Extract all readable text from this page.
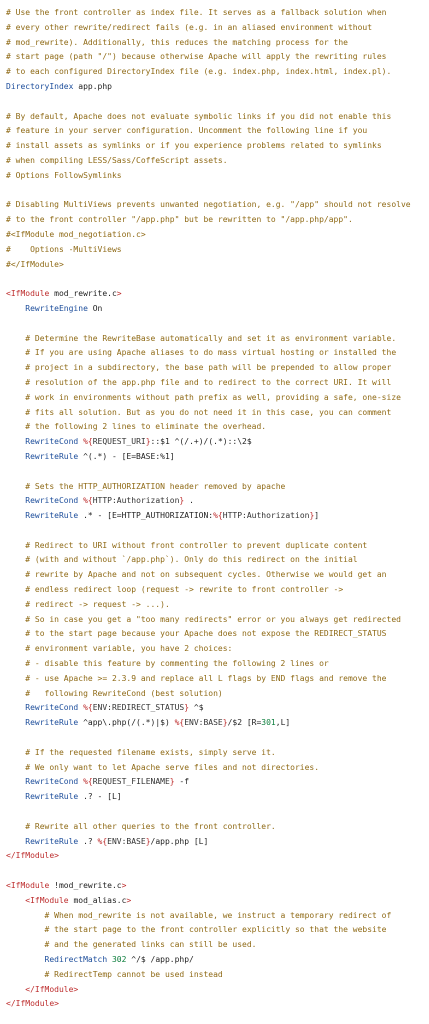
# Use the front controller as index file. It serves as a fallback solution when
# every other rewrite/redirect fails (e.g. in an aliased environment without
# mod_rewrite). Additionally, this reduces the matching process for the
# start page (path "/") because otherwise Apache will apply the rewriting rules
# to each configured DirectoryIndex file (e.g. index.php, index.html, index.pl).
DirectoryIndex app.php
# By default, Apache does not evaluate symbolic links if you did not enable this
# feature in your server configuration. Uncomment the following line if you
# install assets as symlinks or if you experience problems related to symlinks
# when compiling LESS/Sass/CoffeScript assets.
# Options FollowSymlinks
# Disabling MultiViews prevents unwanted negotiation, e.g. "/app" should not resolve
# to the front controller "/app.php" but be rewritten to "/app.php/app".
#<IfModule mod_negotiation.c>
#    Options -MultiViews
#</IfModule>
<IfModule mod_rewrite.c>
RewriteEngine On
# Determine the RewriteBase automatically and set it as environment variable.
# If you are using Apache aliases to do mass virtual hosting or installed the
# project in a subdirectory, the base path will be prepended to allow proper
# resolution of the app.php file and to redirect to the correct URI. It will
# work in environments without path prefix as well, providing a safe, one-size
# fits all solution. But as you do not need it in this case, you can comment
# the following 2 lines to eliminate the overhead.
RewriteCond %{REQUEST_URI}::$1 ^(/.+)/(.*)::\2$
RewriteRule ^(.*) - [E=BASE:%1]
# Sets the HTTP_AUTHORIZATION header removed by apache
RewriteCond %{HTTP:Authorization} .
RewriteRule .* - [E=HTTP_AUTHORIZATION:%{HTTP:Authorization}]
# Redirect to URI without front controller to prevent duplicate content
# (with and without `/app.php`). Only do this redirect on the initial
# rewrite by Apache and not on subsequent cycles. Otherwise we would get an
# endless redirect loop (request -> rewrite to front controller ->
# redirect -> request -> ...).
# So in case you get a "too many redirects" error or you always get redirected
# to the start page because your Apache does not expose the REDIRECT_STATUS
# environment variable, you have 2 choices:
# - disable this feature by commenting the following 2 lines or
# - use Apache >= 2.3.9 and replace all L flags by END flags and remove the
#   following RewriteCond (best solution)
RewriteCond %{ENV:REDIRECT_STATUS} ^$
RewriteRule ^app\.php(/(.*)|$) %{ENV:BASE}/$2 [R=301,L]
# If the requested filename exists, simply serve it.
# We only want to let Apache serve files and not directories.
RewriteCond %{REQUEST_FILENAME} -f
RewriteRule .? - [L]
# Rewrite all other queries to the front controller.
RewriteRule .? %{ENV:BASE}/app.php [L]
</IfModule>
<IfModule !mod_rewrite.c>
<IfModule mod_alias.c>
# When mod_rewrite is not available, we instruct a temporary redirect of
# the start page to the front controller explicitly so that the website
# and the generated links can still be used.
RedirectMatch 302 ^/$ /app.php/
# RedirectTemp cannot be used instead
</IfModule>
</IfModule>
